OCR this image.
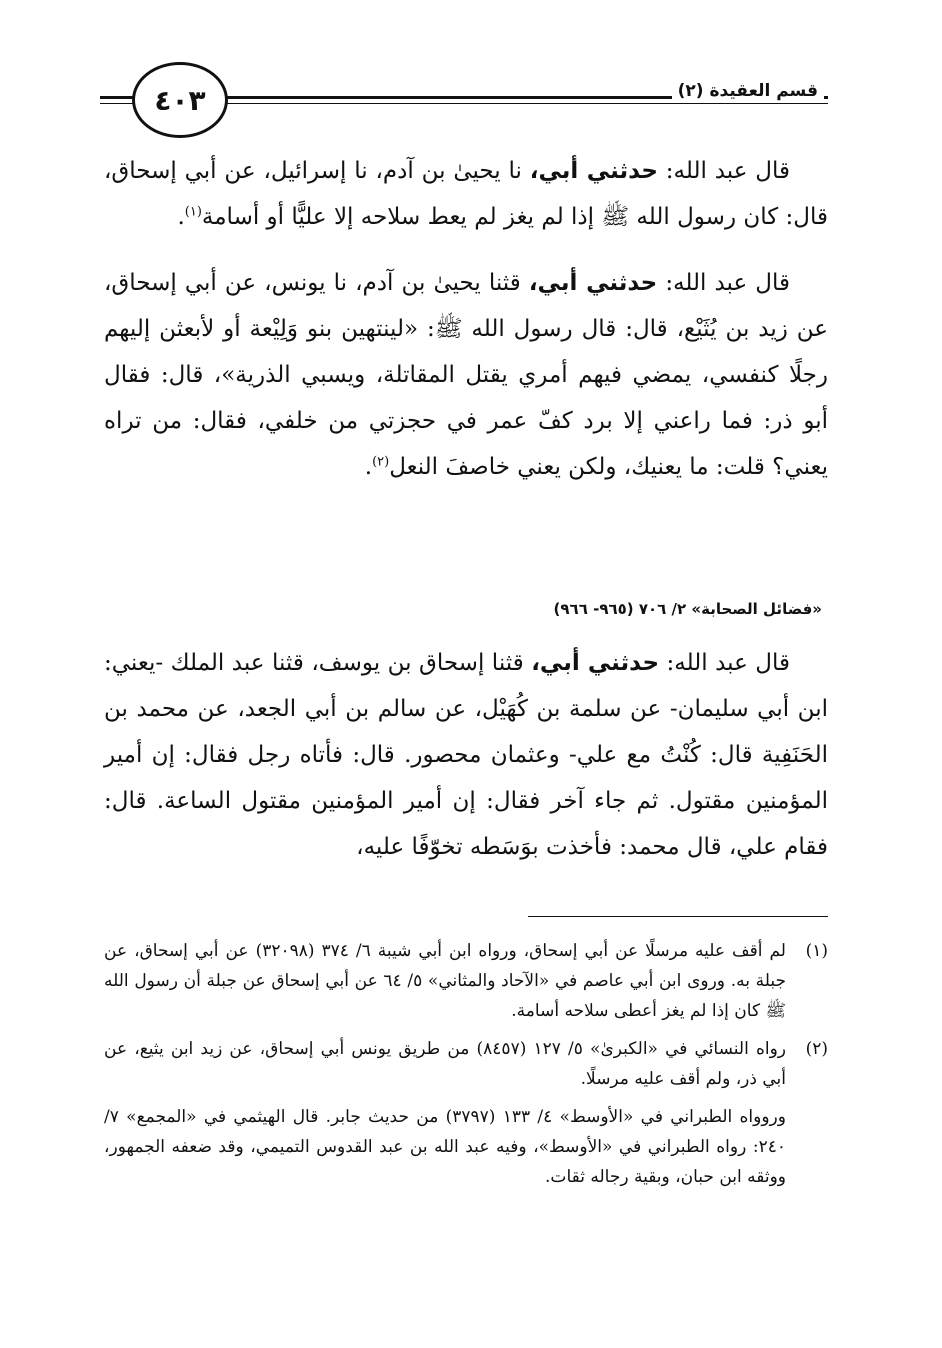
٤٠٣	قسم العقيدة (٢)

قال عبد الله: حدثني أبي، نا يحيىٰ بن آدم، نا إسرائيل، عن أبي إسحاق، قال: كان رسول الله ﷺ إذا لم يغز لم يعط سلاحه إلا عليًّا أو أسامة$^{(١)}$.

قال عبد الله: حدثني أبي، قثنا يحيىٰ بن آدم، نا يونس، عن أبي إسحاق، عن زيد بن يُثَيْع، قال: قال رسول الله ﷺ: «لينتهين بنو وَلِيْعة أو لأبعثن إليهم رجلًا كنفسي، يمضي فيهم أمري يقتل المقاتلة، ويسبي الذرية»، قال: فقال أبو ذر: فما راعني إلا برد كفّ عمر في حجزتي من خلفي، فقال: من تراه يعني؟ قلت: ما يعنيك، ولكن يعني خاصفَ النعل$^{(٢)}$.

«فضائل الصحابة» ٢/ ٧٠٦ (٩٦٥- ٩٦٦)

قال عبد الله: حدثني أبي، قثنا إسحاق بن يوسف، قثنا عبد الملك -يعني: ابن أبي سليمان- عن سلمة بن كُهَيْل، عن سالم بن أبي الجعد، عن محمد بن الحَنَفِية قال: كُنْتُ مع علي- وعثمان محصور. قال: فأتاه رجل فقال: إن أمير المؤمنين مقتول. ثم جاء آخر فقال: إن أمير المؤمنين مقتول الساعة. قال: فقام علي، قال محمد: فأخذت بوَسَطه تخوّفًا عليه،

(١)
لم أقف عليه مرسلًا عن أبي إسحاق، ورواه ابن أبي شيبة ٦/ ٣٧٤ (٣٢٠٩٨) عن أبي إسحاق، عن جبلة به. وروى ابن أبي عاصم في «الآحاد والمثاني» ٥/ ٦٤ عن أبي إسحاق عن جبلة أن رسول الله ﷺ كان إذا لم يغز أعطى سلاحه أسامة.
(٢)
رواه النسائي في «الكبرىٰ» ٥/ ١٢٧ (٨٤٥٧) من طريق يونس أبي إسحاق، عن زيد ابن يثيع، عن أبي ذر، ولم أقف عليه مرسلًا.
وروواه الطبراني في «الأوسط» ٤/ ١٣٣ (٣٧٩٧) من حديث جابر. قال الهيثمي في «المجمع» ٧/ ٢٤٠: رواه الطبراني في «الأوسط»، وفيه عبد الله بن عبد القدوس التميمي، وقد ضعفه الجمهور، ووثقه ابن حبان، وبقية رجاله ثقات.
